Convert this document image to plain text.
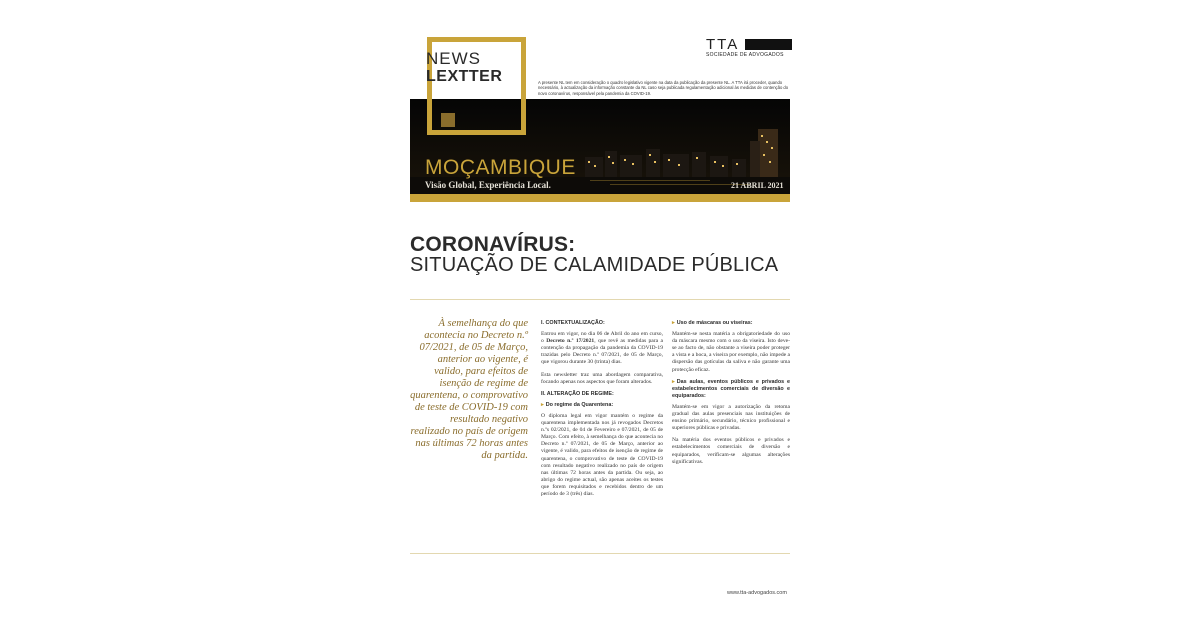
NEWS
LEXTTER
TTA
SOCIEDADE DE ADVOGADOS
A presente NL tem em consideração o quadro legislativo vigente na data da publicação da presente NL. A TTA irá proceder, quando necessário, à actualização da informação constante da NL caso seja publicada regulamentação adicional às medidas de contenção do novo coronavírus, responsável pela pandemia da COVID-19.
MOÇAMBIQUE
Visão Global, Experiência Local.	21 ABRIL 2021
CORONAVÍRUS:
SITUAÇÃO DE CALAMIDADE PÚBLICA
À semelhança do que acontecia no Decreto n.º 07/2021, de 05 de Março, anterior ao vigente, é valido, para efeitos de isenção de regime de quarentena, o comprovativo de teste de COVID-19 com resultado negativo realizado no país de origem nas últimas 72 horas antes da partida.
I. CONTEXTUALIZAÇÃO:

Entrou em vigor, no dia 06 de Abril do ano em curso, o Decreto n.º 17/2021, que revê as medidas para a contenção da propagação da pandemia da COVID-19 trazidas pelo Decreto n.º 07/2021, de 05 de Março, que vigorou durante 30 (trinta) dias.

Esta newsletter traz uma abordagem comparativa, focando apenas nos aspectos que foram alterados.

II. ALTERAÇÃO DE REGIME:
▸ Do regime da Quarentena:

O diploma legal em vigor mantém o regime da quarentena implementada nos já revogados Decretos n.ºs 02/2021, de 04 de Fevereiro e 07/2021, de 05 de Março. Com efeito, à semelhança do que acontecia no Decreto n.º 07/2021, de 05 de Março, anterior ao vigente, é valido, para efeitos de isenção de regime de quarentena, o comprovativo de teste de COVID-19 com resultado negativo realizado no país de origem nas últimas 72 horas antes da partida. Ou seja, ao abrigo do regime actual, são apenas aceites os testes que forem requisitados e recebidos dentro de um período de 3 (três) dias.

▸ Uso de máscaras ou viseiras:

Mantém-se nesta matéria a obrigatoriedade do uso da máscara mesmo com o uso da viseira. Isto deve-se ao facto de, não obstante a viseira poder proteger a vista e a boca, a viseira por exemplo, não impede a dispersão das gotículas da saliva e não garante uma protecção eficaz.

▸ Das aulas, eventos públicos e privados e estabelecimentos comerciais de diversão e equiparados:

Mantém-se em vigor a autorização da retoma gradual das aulas presenciais nas instituições de ensino primário, secundário, técnico profissional e superiores públicas e privadas.

Na matéria dos eventos públicos e privados e estabelecimentos comerciais de diversão e equiparados, verificam-se algumas alterações significativas.

www.tta-advogados.com
